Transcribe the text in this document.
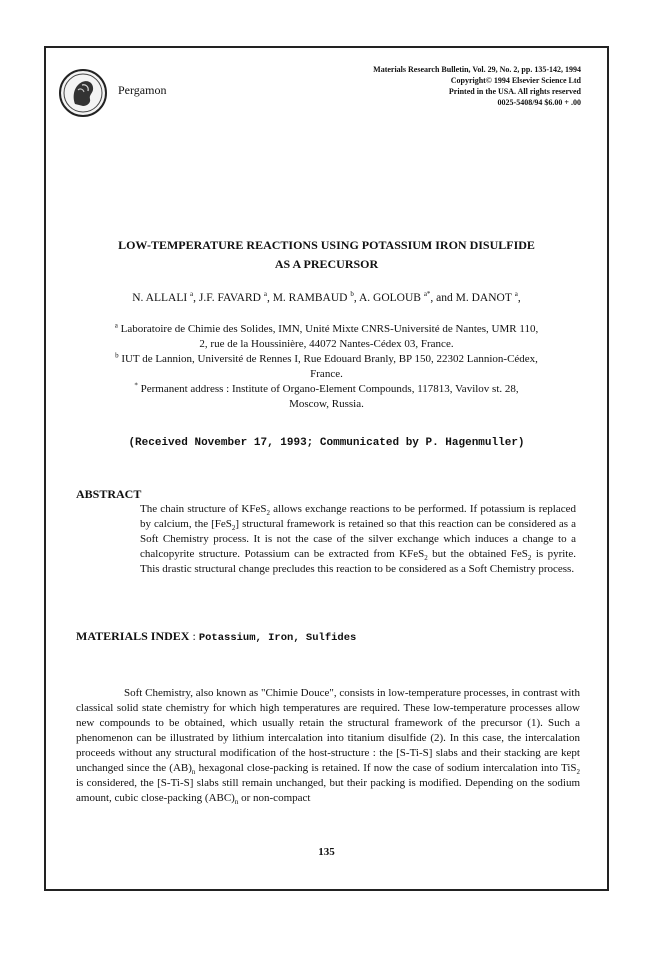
Pergamon
Materials Research Bulletin, Vol. 29, No. 2, pp. 135-142, 1994
Copyright© 1994 Elsevier Science Ltd
Printed in the USA. All rights reserved
0025-5408/94 $6.00 + .00
LOW-TEMPERATURE REACTIONS USING POTASSIUM IRON DISULFIDE
AS A PRECURSOR
N. ALLALI $^a$, J.F. FAVARD $^a$, M. RAMBAUD $^b$, A. GOLOUB $^{a*}$, and M. DANOT $^a$,
$^a$ Laboratoire de Chimie des Solides, IMN, Unité Mixte CNRS-Université de Nantes, UMR 110,
2, rue de la Houssinière, 44072 Nantes-Cédex 03, France.
$^b$ IUT de Lannion, Université de Rennes I, Rue Edouard Branly, BP 150, 22302 Lannion-Cédex,
France.
* Permanent address : Institute of Organo-Element Compounds, 117813, Vavilov st. 28,
Moscow, Russia.
(Received November 17, 1993; Communicated by P. Hagenmuller)
ABSTRACT
The chain structure of KFeS$_2$ allows exchange reactions to be performed. If potassium is replaced by calcium, the [FeS$_2$] structural framework is retained so that this reaction can be considered as a Soft Chemistry process. It is not the case of the silver exchange which induces a change to a chalcopyrite structure. Potassium can be extracted from KFeS$_2$ but the obtained FeS$_2$ is pyrite. This drastic structural change precludes this reaction to be considered as a Soft Chemistry process.
MATERIALS INDEX : Potassium, Iron, Sulfides
Soft Chemistry, also known as "Chimie Douce", consists in low-temperature processes, in contrast with classical solid state chemistry for which high temperatures are required. These low-temperature processes allow new compounds to be obtained, which usually retain the structural framework of the precursor (1). Such a phenomenon can be illustrated by lithium intercalation into titanium disulfide (2). In this case, the intercalation proceeds without any structural modification of the host-structure : the [S-Ti-S] slabs and their stacking are kept unchanged since the $(AB)_n$ hexagonal close-packing is retained. If now the case of sodium intercalation into TiS$_2$ is considered, the [S-Ti-S] slabs still remain unchanged, but their packing is modified. Depending on the sodium amount, cubic close-packing $(ABC)_n$ or non-compact
135
